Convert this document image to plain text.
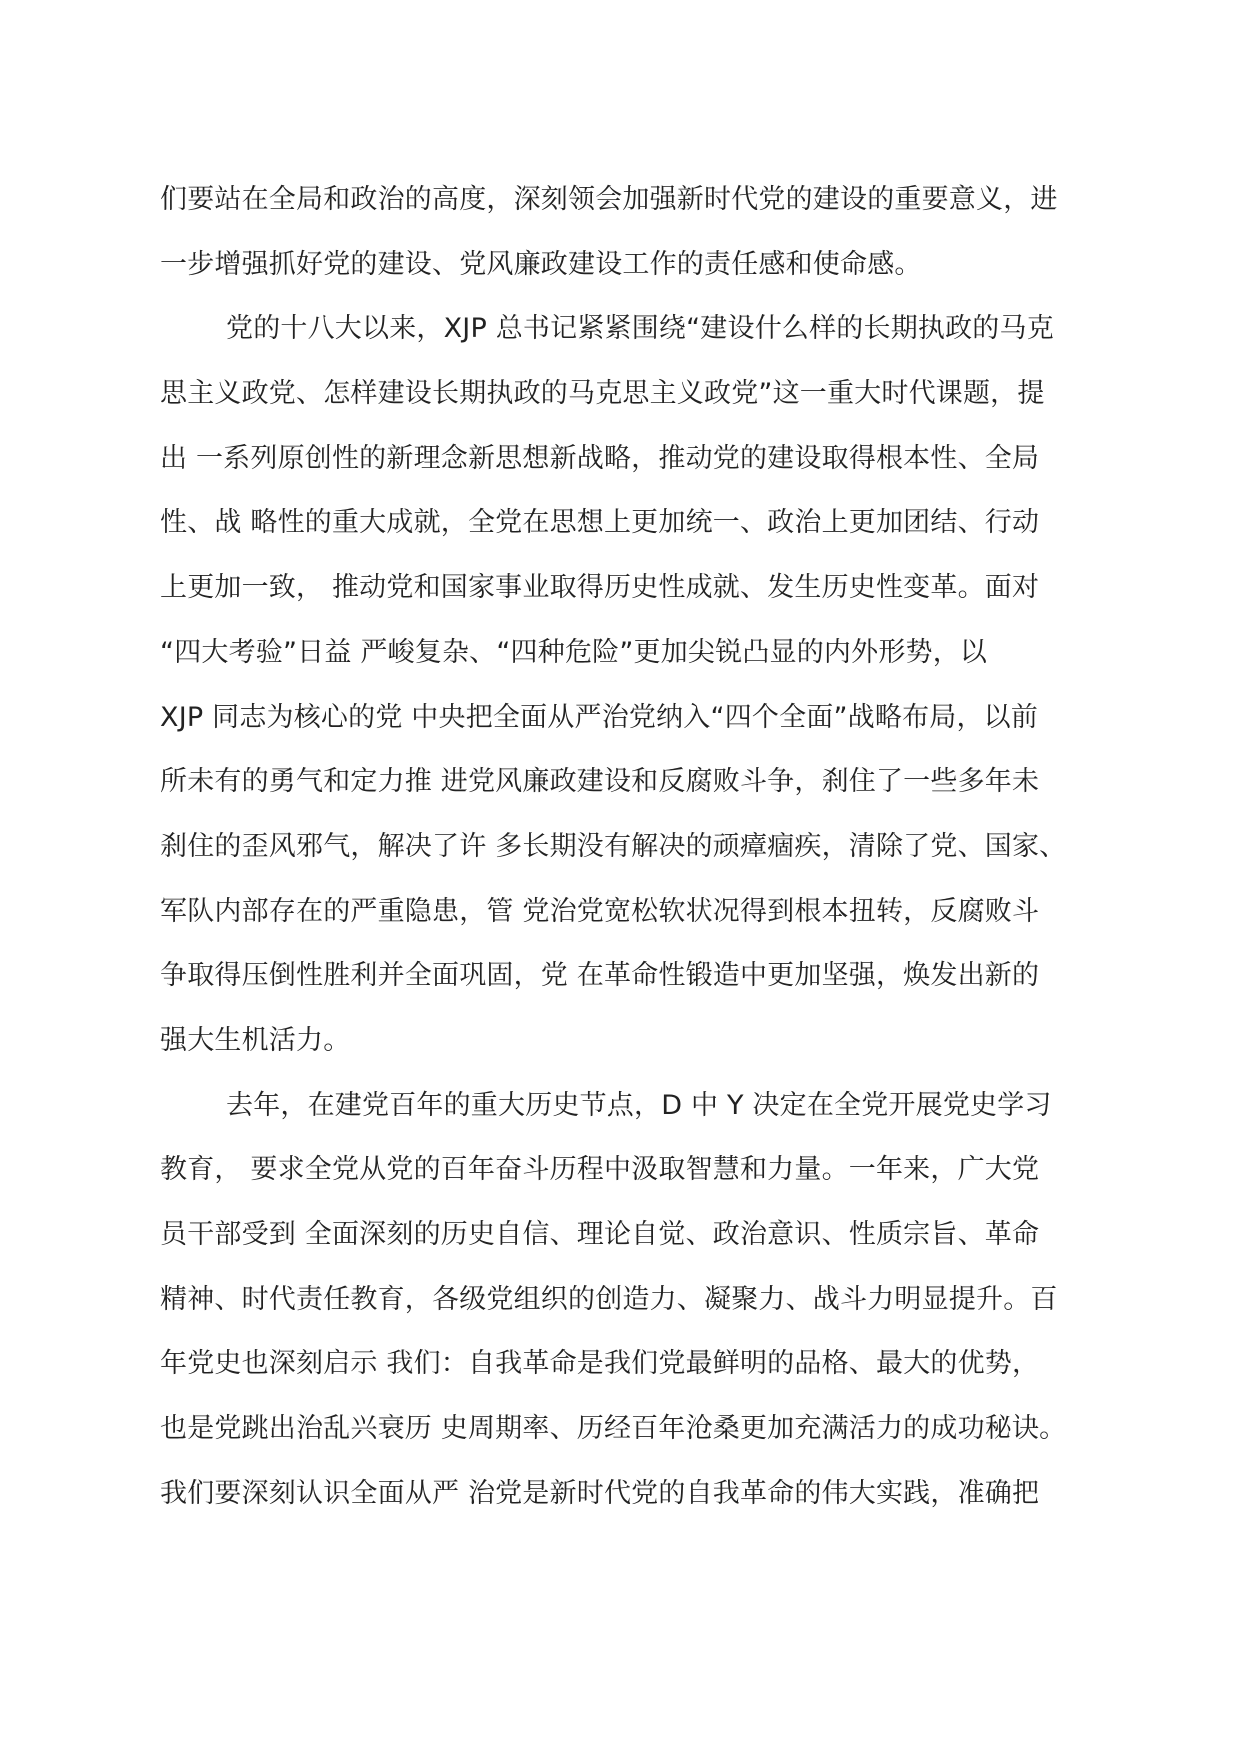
们要站在全局和政治的高度，深刻领会加强新时代党的建设的重要意义，进
一步增强抓好党的建设、党风廉政建设工作的责任感和使命感。
党的十八大以来，XJP 总书记紧紧围绕“建设什么样的长期执政的马克
思主义政党、怎样建设长期执政的马克思主义政党”这一重大时代课题，提
出 一系列原创性的新理念新思想新战略，推动党的建设取得根本性、全局
性、战 略性的重大成就，全党在思想上更加统一、政治上更加团结、行动
上更加一致， 推动党和国家事业取得历史性成就、发生历史性变革。面对
“四大考验”日益 严峻复杂、“四种危险”更加尖锐凸显的内外形势，以
XJP 同志为核心的党 中央把全面从严治党纳入“四个全面”战略布局，以前
所未有的勇气和定力推 进党风廉政建设和反腐败斗争，刹住了一些多年未
刹住的歪风邪气，解决了许 多长期没有解决的顽瘴痼疾，清除了党、国家、
军队内部存在的严重隐患，管 党治党宽松软状况得到根本扭转，反腐败斗
争取得压倒性胜利并全面巩固，党 在革命性锻造中更加坚强，焕发出新的
强大生机活力。
去年，在建党百年的重大历史节点，D 中 Y 决定在全党开展党史学习
教育， 要求全党从党的百年奋斗历程中汲取智慧和力量。一年来，广大党
员干部受到 全面深刻的历史自信、理论自觉、政治意识、性质宗旨、革命
精神、时代责任教育，各级党组织的创造力、凝聚力、战斗力明显提升。百
年党史也深刻启示 我们：自我革命是我们党最鲜明的品格、最大的优势，
也是党跳出治乱兴衰历 史周期率、历经百年沧桑更加充满活力的成功秘诀。
我们要深刻认识全面从严 治党是新时代党的自我革命的伟大实践，准确把
